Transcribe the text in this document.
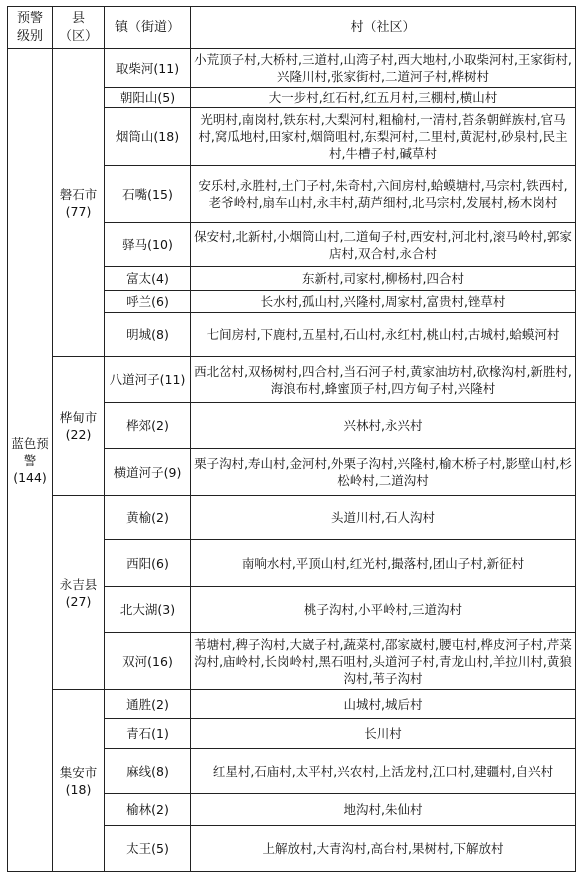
预警级别	县（区）	镇（街道）	村（社区）
蓝色预警(144)	磐石市(77)	取柴河(11)	小荒顶子村,大桥村,三道村,山湾子村,西大地村,小取柴河村,王家街村,兴隆川村,张家街村,二道河子村,桦树村
		朝阳山(5)	大一步村,红石村,红五月村,三棚村,横山村
		烟筒山(18)	光明村,南岗村,铁东村,大梨河村,粗榆村,一清村,苔条朝鲜族村,官马村,窝瓜地村,田家村,烟筒咀村,东梨河村,二里村,黄泥村,砂泉村,民主村,牛槽子村,碱草村
		石嘴(15)	安乐村,永胜村,土门子村,朱奇村,六间房村,蛤蟆塘村,马宗村,铁西村,老爷岭村,扇车山村,永丰村,葫芦细村,北马宗村,发展村,杨木岗村
		驿马(10)	保安村,北新村,小烟筒山村,二道甸子村,西安村,河北村,滚马岭村,郭家店村,双合村,永合村
		富太(4)	东新村,司家村,柳杨村,四合村
		呼兰(6)	长水村,孤山村,兴隆村,周家村,富贵村,锉草村
		明城(8)	七间房村,下鹿村,五星村,石山村,永红村,桃山村,古城村,蛤蟆河村
	桦甸市(22)	八道河子(11)	西北岔村,双杨树村,四合村,当石河子村,黄家油坊村,砍椽沟村,新胜村,海浪布村,蜂蜜顶子村,四方甸子村,兴隆村
		桦郊(2)	兴林村,永兴村
		横道河子(9)	栗子沟村,寿山村,金河村,外栗子沟村,兴隆村,榆木桥子村,影壁山村,杉松岭村,二道沟村
	永吉县(27)	黄榆(2)	头道川村,石人沟村
		西阳(6)	南响水村,平顶山村,红光村,撮落村,团山子村,新征村
		北大湖(3)	桃子沟村,小平岭村,三道沟村
		双河(16)	苇塘村,稗子沟村,大崴子村,蔬菜村,邵家崴村,腰屯村,桦皮河子村,芹菜沟村,庙岭村,长岗岭村,黑石咀村,头道河子村,青龙山村,羊拉川村,黄狼沟村,苇子沟村
	集安市(18)	通胜(2)	山城村,城后村
		青石(1)	长川村
		麻线(8)	红星村,石庙村,太平村,兴农村,上活龙村,江口村,建疆村,自兴村
		榆林(2)	地沟村,朱仙村
		太王(5)	上解放村,大青沟村,高台村,果树村,下解放村
